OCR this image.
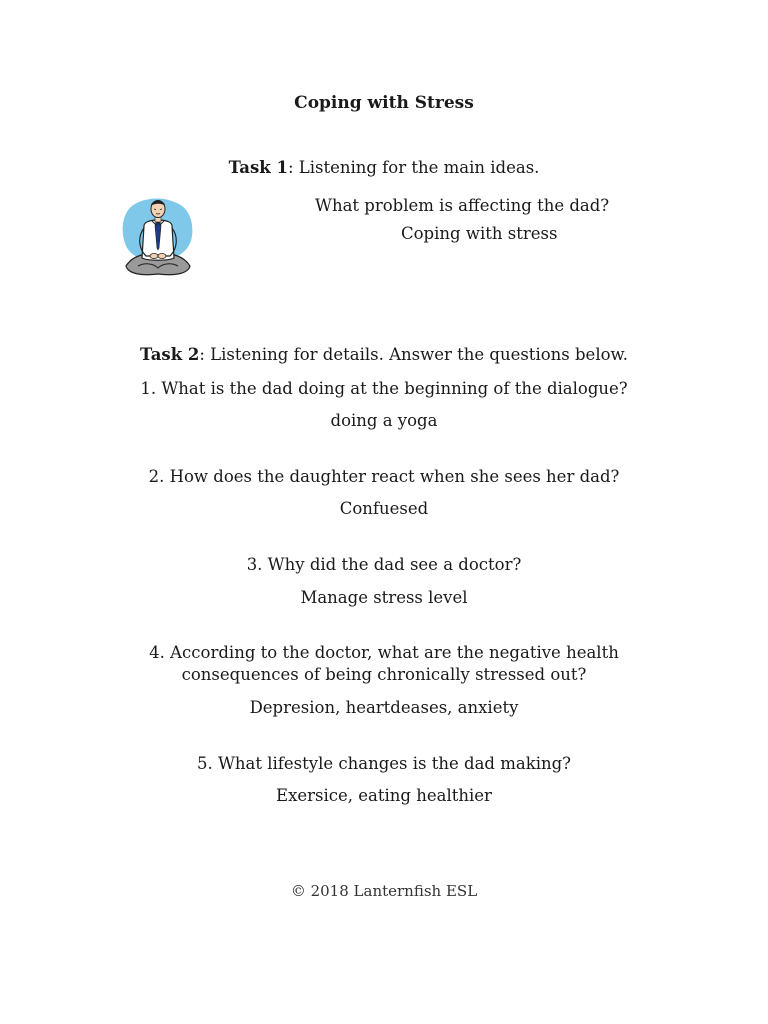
Coping with Stress
Task 1: Listening for the main ideas.
What problem is affecting the dad?
Coping with stress
Task 2: Listening for details. Answer the questions below.
1. What is the dad doing at the beginning of the dialogue?
doing a yoga
2. How does the daughter react when she sees her dad?
Confuesed
3. Why did the dad see a doctor?
Manage stress level
4. According to the doctor, what are the negative health consequences of being chronically stressed out?
Depresion, heartdeases, anxiety
5. What lifestyle changes is the dad making?
Exersice, eating healthier
© 2018 Lanternfish ESL
